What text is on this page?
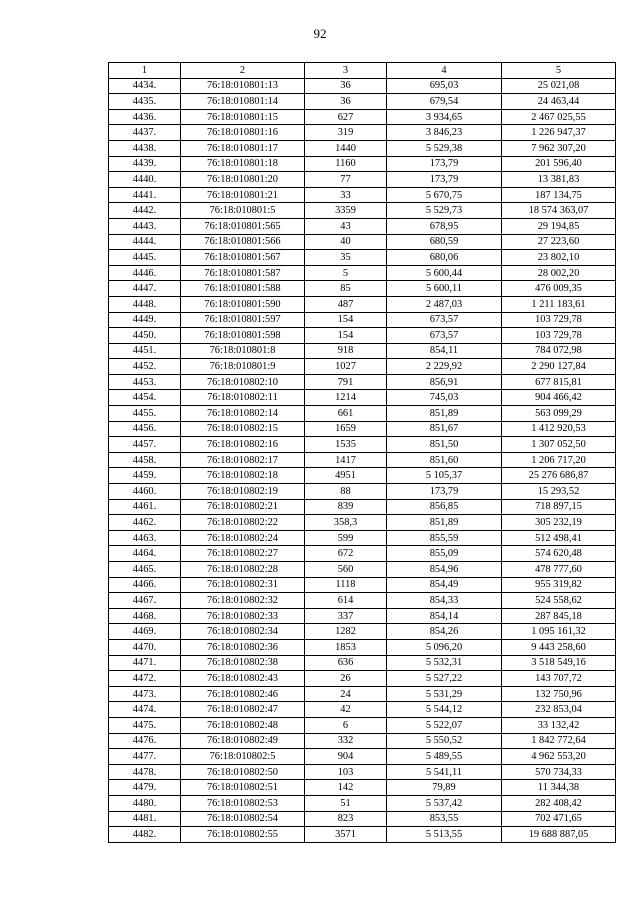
92
1	2	3	4	5
4434.	76:18:010801:13	36	695,03	25 021,08
4435.	76:18:010801:14	36	679,54	24 463,44
4436.	76:18:010801:15	627	3 934,65	2 467 025,55
4437.	76:18:010801:16	319	3 846,23	1 226 947,37
4438.	76:18:010801:17	1440	5 529,38	7 962 307,20
4439.	76:18:010801:18	1160	173,79	201 596,40
4440.	76:18:010801:20	77	173,79	13 381,83
4441.	76:18:010801:21	33	5 670,75	187 134,75
4442.	76:18:010801:5	3359	5 529,73	18 574 363,07
4443.	76:18:010801:565	43	678,95	29 194,85
4444.	76:18:010801:566	40	680,59	27 223,60
4445.	76:18:010801:567	35	680,06	23 802,10
4446.	76:18:010801:587	5	5 600,44	28 002,20
4447.	76:18:010801:588	85	5 600,11	476 009,35
4448.	76:18:010801:590	487	2 487,03	1 211 183,61
4449.	76:18:010801:597	154	673,57	103 729,78
4450.	76:18:010801:598	154	673,57	103 729,78
4451.	76:18:010801:8	918	854,11	784 072,98
4452.	76:18:010801:9	1027	2 229,92	2 290 127,84
4453.	76:18:010802:10	791	856,91	677 815,81
4454.	76:18:010802:11	1214	745,03	904 466,42
4455.	76:18:010802:14	661	851,89	563 099,29
4456.	76:18:010802:15	1659	851,67	1 412 920,53
4457.	76:18:010802:16	1535	851,50	1 307 052,50
4458.	76:18:010802:17	1417	851,60	1 206 717,20
4459.	76:18:010802:18	4951	5 105,37	25 276 686,87
4460.	76:18:010802:19	88	173,79	15 293,52
4461.	76:18:010802:21	839	856,85	718 897,15
4462.	76:18:010802:22	358,3	851,89	305 232,19
4463.	76:18:010802:24	599	855,59	512 498,41
4464.	76:18:010802:27	672	855,09	574 620,48
4465.	76:18:010802:28	560	854,96	478 777,60
4466.	76:18:010802:31	1118	854,49	955 319,82
4467.	76:18:010802:32	614	854,33	524 558,62
4468.	76:18:010802:33	337	854,14	287 845,18
4469.	76:18:010802:34	1282	854,26	1 095 161,32
4470.	76:18:010802:36	1853	5 096,20	9 443 258,60
4471.	76:18:010802:38	636	5 532,31	3 518 549,16
4472.	76:18:010802:43	26	5 527,22	143 707,72
4473.	76:18:010802:46	24	5 531,29	132 750,96
4474.	76:18:010802:47	42	5 544,12	232 853,04
4475.	76:18:010802:48	6	5 522,07	33 132,42
4476.	76:18:010802:49	332	5 550,52	1 842 772,64
4477.	76:18:010802:5	904	5 489,55	4 962 553,20
4478.	76:18:010802:50	103	5 541,11	570 734,33
4479.	76:18:010802:51	142	79,89	11 344,38
4480.	76:18:010802:53	51	5 537,42	282 408,42
4481.	76:18:010802:54	823	853,55	702 471,65
4482.	76:18:010802:55	3571	5 513,55	19 688 887,05
